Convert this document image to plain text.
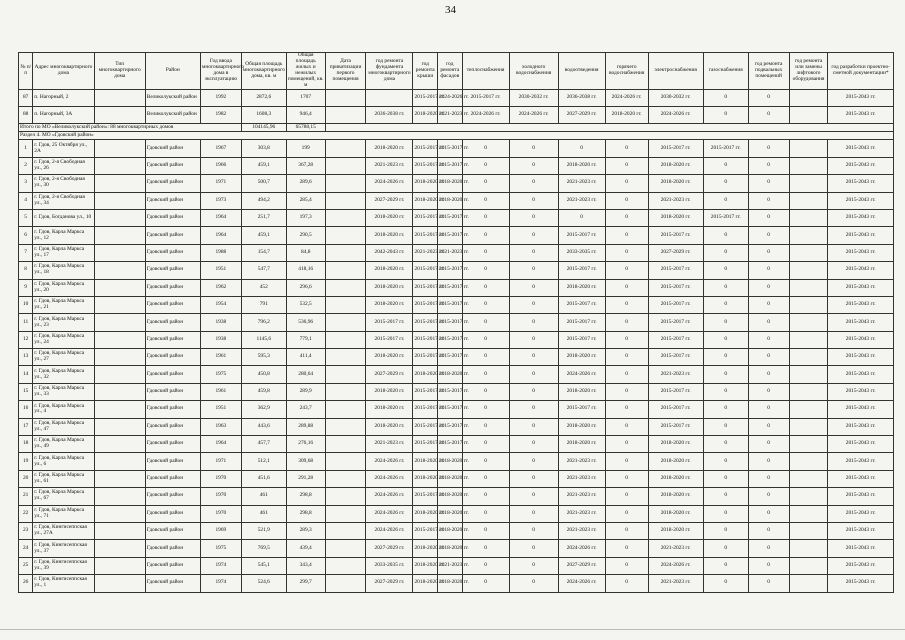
34
№ п/п	Адрес многоквартирного дома	Тип многоквартирного дома	Район	Год ввода многоквартирного дома в эксплуатацию	Общая площадь многоквартирного дома, кв. м	Общая площадь жилых и нежилых помещений, кв. м	Дата приватизации первого помещения	год ремонта фундамента многоквартирного дома	год ремонта крыши	год ремонта фасадов	теплоснабжения	холодного водоснабжения	водоотведения	горячего водоснабжения	электроснабжения	газоснабжения	год ремонта подвальных помещений	год ремонта или замены лифтового оборудования	год разработки проектно-сметной документации*
87	п. Нагорный, 2		Великолукский район	1992	2872,6	1707			2015-2017 гг.	2024-2026 гг.	2015-2017 гг.	2030-2032 гг.	2036-2038 гг.	2024-2026 гг.	2030-2032 гг.	0	0		2015-2043 гг.
88	п. Нагорный, 3А		Великолукский район	1982	1608,3	946,4		2036-2038 гг.	2018-2020 гг.	2021-2023 гг.	2024-2026 гг.	2024-2026 гг.	2027-2029 гг.	2018-2020 гг.	2024-2026 гг.	0	0		2015-2043 гг.
Итого по МО «Великолукский район»: 88 многоквартирных домов					104145,96	65788,15													
Раздел 4. МО «Гдовский район»																			
1	г. Гдов, 25 Октября ул., 2А		Гдовский район	1967	303,8	199		2018-2020 гг.	2015-2017 гг.	2015-2017 гг.	0	0	0	0	2015-2017 гг.	2015-2017 гг.	0		2015-2043 гг.
2	г. Гдов, 2-я Свободная ул., 26		Гдовский район	1966	459,1	367,28		2021-2023 гг.	2015-2017 гг.	2015-2017 гг.	0	0	2018-2020 гг.	0	2018-2020 гг.	0	0		2015-2043 гг.
3	г. Гдов, 2-я Свободная ул., 30		Гдовский район	1971	500,7	289,6		2024-2026 гг.	2018-2020 гг.	2018-2020 гг.	0	0	2021-2023 гг.	0	2018-2020 гг.	0	0		2015-2043 гг.
4	г. Гдов, 2-я Свободная ул., 34		Гдовский район	1973	494,2	285,4		2027-2029 гг.	2018-2020 гг.	2018-2020 гг.	0	0	2021-2023 гг.	0	2021-2023 гг.	0	0		2015-2043 гг.
5	г. Гдов, Богданова ул., 10		Гдовский район	1964	251,7	197,3		2018-2020 гг.	2015-2017 гг.	2015-2017 гг.	0	0	0	0	2018-2020 гг.	2015-2017 гг.	0		2015-2043 гг.
6	г. Гдов, Карла Маркса ул., 12		Гдовский район	1964	459,1	290,5		2018-2020 гг.	2015-2017 гг.	2015-2017 гг.	0	0	2015-2017 гг.	0	2015-2017 гг.	0	0		2015-2043 гг.
7	г. Гдов, Карла Маркса ул., 17		Гдовский район	1988	154,7	84,8		2042-2043 гг.	2021-2023 гг.	2021-2023 гг.	0	0	2033-2035 гг.	0	2027-2029 гг.	0	0		2015-2043 гг.
8	г. Гдов, Карла Маркса ул., 18		Гдовский район	1951	547,7	418,16		2018-2020 гг.	2015-2017 гг.	2015-2017 гг.	0	0	2015-2017 гг.	0	2015-2017 гг.	0	0		2015-2043 гг.
9	г. Гдов, Карла Маркса ул., 20		Гдовский район	1962	452	296,6		2018-2020 гг.	2015-2017 гг.	2015-2017 гг.	0	0	2018-2020 гг.	0	2015-2017 гг.	0	0		2015-2043 гг.
10	г. Гдов, Карла Маркса ул., 21		Гдовский район	1954	791	532,5		2018-2020 гг.	2015-2017 гг.	2015-2017 гг.	0	0	2015-2017 гг.	0	2015-2017 гг.	0	0		2015-2043 гг.
11	г. Гдов, Карла Маркса ул., 23		Гдовский район	1938	796,2	536,96		2015-2017 гг.	2015-2017 гг.	2015-2017 гг.	0	0	2015-2017 гг.	0	2015-2017 гг.	0	0		2015-2043 гг.
12	г. Гдов, Карла Маркса ул., 24		Гдовский район	1938	1145,6	779,1		2015-2017 гг.	2015-2017 гг.	2015-2017 гг.	0	0	2015-2017 гг.	0	2015-2017 гг.	0	0		2015-2043 гг.
13	г. Гдов, Карла Маркса ул., 27		Гдовский район	1961	595,3	411,4		2018-2020 гг.	2015-2017 гг.	2015-2017 гг.	0	0	2018-2020 гг.	0	2015-2017 гг.	0	0		2015-2043 гг.
14	г. Гдов, Карла Маркса ул., 32		Гдовский район	1975	450,8	280,64		2027-2029 гг.	2018-2020 гг.	2018-2020 гг.	0	0	2024-2026 гг.	0	2021-2023 гг.	0	0		2015-2043 гг.
15	г. Гдов, Карла Маркса ул., 33		Гдовский район	1961	459,8	289,9		2018-2020 гг.	2015-2017 гг.	2015-2017 гг.	0	0	2018-2020 гг.	0	2015-2017 гг.	0	0		2015-2043 гг.
16	г. Гдов, Карла Маркса ул., 4		Гдовский район	1951	362,9	243,7		2018-2020 гг.	2015-2017 гг.	2015-2017 гг.	0	0	2015-2017 гг.	0	2015-2017 гг.	0	0		2015-2043 гг.
17	г. Гдов, Карла Маркса ул., 47		Гдовский район	1963	443,6	289,88		2018-2020 гг.	2015-2017 гг.	2015-2017 гг.	0	0	2018-2020 гг.	0	2015-2017 гг.	0	0		2015-2043 гг.
18	г. Гдов, Карла Маркса ул., 49		Гдовский район	1964	457,7	276,16		2021-2023 гг.	2015-2017 гг.	2015-2017 гг.	0	0	2018-2020 гг.	0	2018-2020 гг.	0	0		2015-2043 гг.
19	г. Гдов, Карла Маркса ул., 6		Гдовский район	1971	512,1	309,68		2024-2026 гг.	2018-2020 гг.	2018-2020 гг.	0	0	2021-2023 гг.	0	2018-2020 гг.	0	0		2015-2043 гг.
20	г. Гдов, Карла Маркса ул., 61		Гдовский район	1970	451,6	291,28		2024-2026 гг.	2018-2020 гг.	2018-2020 гг.	0	0	2021-2023 гг.	0	2018-2020 гг.	0	0		2015-2043 гг.
21	г. Гдов, Карла Маркса ул., 67		Гдовский район	1970	461	298,8		2024-2026 гг.	2015-2017 гг.	2018-2020 гг.	0	0	2021-2023 гг.	0	2018-2020 гг.	0	0		2015-2043 гг.
22	г. Гдов, Карла Маркса ул., 71		Гдовский район	1970	461	298,8		2024-2026 гг.	2018-2020 гг.	2018-2020 гг.	0	0	2021-2023 гг.	0	2018-2020 гг.	0	0		2015-2043 гг.
23	г. Гдов, Кингисеппская ул., 27А		Гдовский район	1969	521,9	289,3		2024-2026 гг.	2015-2017 гг.	2018-2020 гг.	0	0	2021-2023 гг.	0	2018-2020 гг.	0	0		2015-2043 гг.
24	г. Гдов, Кингисеппская ул., 37		Гдовский район	1975	769,5	439,4		2027-2029 гг.	2018-2020 гг.	2018-2020 гг.	0	0	2024-2026 гг.	0	2021-2023 гг.	0	0		2015-2043 гг.
25	г. Гдов, Кингисеппская ул., 39		Гдовский район	1974	545,1	343,4		2033-2035 гг.	2018-2020 гг.	2021-2023 гг.	0	0	2027-2029 гг.	0	2024-2026 гг.	0	0		2015-2043 гг.
26	г. Гдов, Кингисеппская ул., 1		Гдовский район	1974	524,6	299,7		2027-2029 гг.	2018-2020 гг.	2018-2020 гг.	0	0	2024-2026 гг.	0	2021-2023 гг.	0	0		2015-2043 гг.
